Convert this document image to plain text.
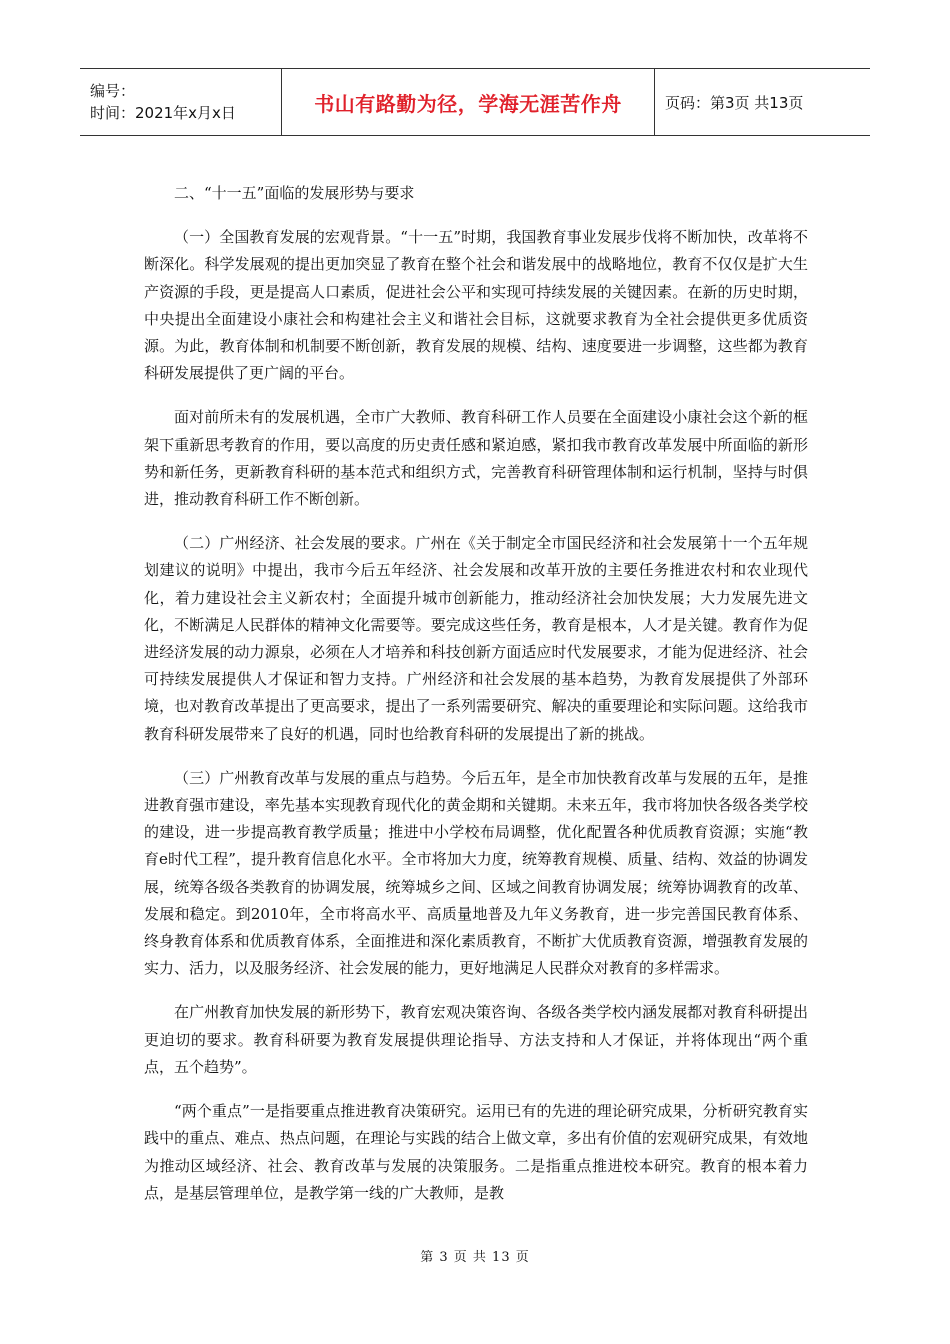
编号：
时间：2021年x月x日	书山有路勤为径，学海无涯苦作舟	页码：第3页 共13页

二、“十一五”面临的发展形势与要求

（一）全国教育发展的宏观背景。“十一五”时期，我国教育事业发展步伐将不断加快，改革将不断深化。科学发展观的提出更加突显了教育在整个社会和谐发展中的战略地位，教育不仅仅是扩大生产资源的手段，更是提高人口素质，促进社会公平和实现可持续发展的关键因素。在新的历史时期，中央提出全面建设小康社会和构建社会主义和谐社会目标，这就要求教育为全社会提供更多优质资源。为此，教育体制和机制要不断创新，教育发展的规模、结构、速度要进一步调整，这些都为教育科研发展提供了更广阔的平台。

面对前所未有的发展机遇，全市广大教师、教育科研工作人员要在全面建设小康社会这个新的框架下重新思考教育的作用，要以高度的历史责任感和紧迫感，紧扣我市教育改革发展中所面临的新形势和新任务，更新教育科研的基本范式和组织方式，完善教育科研管理体制和运行机制，坚持与时俱进，推动教育科研工作不断创新。

（二）广州经济、社会发展的要求。广州在《关于制定全市国民经济和社会发展第十一个五年规划建议的说明》中提出，我市今后五年经济、社会发展和改革开放的主要任务推进农村和农业现代化，着力建设社会主义新农村；全面提升城市创新能力，推动经济社会加快发展；大力发展先进文化，不断满足人民群体的精神文化需要等。要完成这些任务，教育是根本，人才是关键。教育作为促进经济发展的动力源泉，必须在人才培养和科技创新方面适应时代发展要求，才能为促进经济、社会可持续发展提供人才保证和智力支持。广州经济和社会发展的基本趋势，为教育发展提供了外部环境，也对教育改革提出了更高要求，提出了一系列需要研究、解决的重要理论和实际问题。这给我市教育科研发展带来了良好的机遇，同时也给教育科研的发展提出了新的挑战。

（三）广州教育改革与发展的重点与趋势。今后五年，是全市加快教育改革与发展的五年，是推进教育强市建设，率先基本实现教育现代化的黄金期和关键期。未来五年，我市将加快各级各类学校的建设，进一步提高教育教学质量；推进中小学校布局调整，优化配置各种优质教育资源；实施“教育e时代工程”，提升教育信息化水平。全市将加大力度，统筹教育规模、质量、结构、效益的协调发展，统筹各级各类教育的协调发展，统筹城乡之间、区域之间教育协调发展；统筹协调教育的改革、发展和稳定。到2010年，全市将高水平、高质量地普及九年义务教育，进一步完善国民教育体系、终身教育体系和优质教育体系，全面推进和深化素质教育，不断扩大优质教育资源，增强教育发展的实力、活力，以及服务经济、社会发展的能力，更好地满足人民群众对教育的多样需求。

在广州教育加快发展的新形势下，教育宏观决策咨询、各级各类学校内涵发展都对教育科研提出更迫切的要求。教育科研要为教育发展提供理论指导、方法支持和人才保证，并将体现出“两个重点，五个趋势”。

“两个重点”一是指要重点推进教育决策研究。运用已有的先进的理论研究成果，分析研究教育实践中的重点、难点、热点问题，在理论与实践的结合上做文章，多出有价值的宏观研究成果，有效地为推动区域经济、社会、教育改革与发展的决策服务。二是指重点推进校本研究。教育的根本着力点，是基层管理单位，是教学第一线的广大教师，是教

第 3 页 共 13 页
